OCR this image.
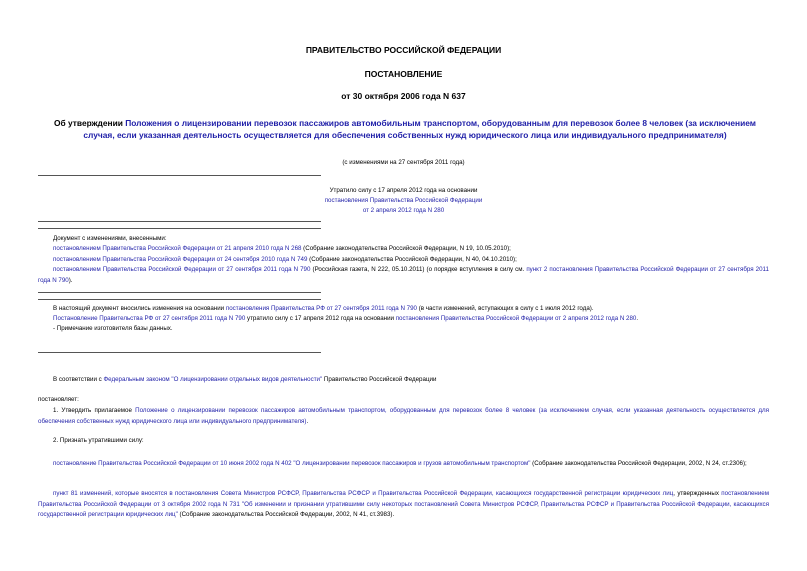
ПРАВИТЕЛЬСТВО РОССИЙСКОЙ ФЕДЕРАЦИИ
ПОСТАНОВЛЕНИЕ
от 30 октября 2006 года N 637
Об утверждении Положения о лицензировании перевозок пассажиров автомобильным транспортом, оборудованным для перевозок более 8 человек (за исключением случая, если указанная деятельность осуществляется для обеспечения собственных нужд юридического лица или индивидуального предпринимателя)
(с изменениями на 27 сентября 2011 года)
Утратило силу с 17 апреля 2012 года на основании
постановления Правительства Российской Федерации
от 2 апреля 2012 года N 280
Документ с изменениями, внесенными:
постановлением Правительства Российской Федерации от 21 апреля 2010 года N 268 (Собрание законодательства Российской Федерации, N 19, 10.05.2010);
постановлением Правительства Российской Федерации от 24 сентября 2010 года N 749 (Собрание законодательства Российской Федерации, N 40, 04.10.2010);
постановлением Правительства Российской Федерации от 27 сентября 2011 года N 790 (Российская газета, N 222, 05.10.2011) (о порядке вступления в силу см. пункт 2 постановления Правительства Российской Федерации от 27 сентября 2011 года N 790).
В настоящий документ вносились изменения на основании постановления Правительства РФ от 27 сентября 2011 года N 790 (в части изменений, вступающих в силу с 1 июля 2012 года).
Постановление Правительства РФ от 27 сентября 2011 года N 790 утратило силу с 17 апреля 2012 года на основании постановления Правительства Российской Федерации от 2 апреля 2012 года N 280.
- Примечание изготовителя базы данных.
В соответствии с Федеральным законом "О лицензировании отдельных видов деятельности" Правительство Российской Федерации
постановляет:
1. Утвердить прилагаемое Положение о лицензировании перевозок пассажиров автомобильным транспортом, оборудованным для перевозок более 8 человек (за исключением случая, если указанная деятельность осуществляется для обеспечения собственных нужд юридического лица или индивидуального предпринимателя).
2. Признать утратившими силу:
постановление Правительства Российской Федерации от 10 июня 2002 года N 402 "О лицензировании перевозок пассажиров и грузов автомобильным транспортом" (Собрание законодательства Российской Федерации, 2002, N 24, ст.2306);
пункт 81 изменений, которые вносятся в постановления Совета Министров РСФСР, Правительства РСФСР и Правительства Российской Федерации, касающихся государственной регистрации юридических лиц, утвержденных постановлением Правительства Российской Федерации от 3 октября 2002 года N 731 "Об изменении и признании утратившими силу некоторых постановлений Совета Министров РСФСР, Правительства РСФСР и Правительства Российской Федерации, касающихся государственной регистрации юридических лиц" (Собрание законодательства Российской Федерации, 2002, N 41, ст.3983).
